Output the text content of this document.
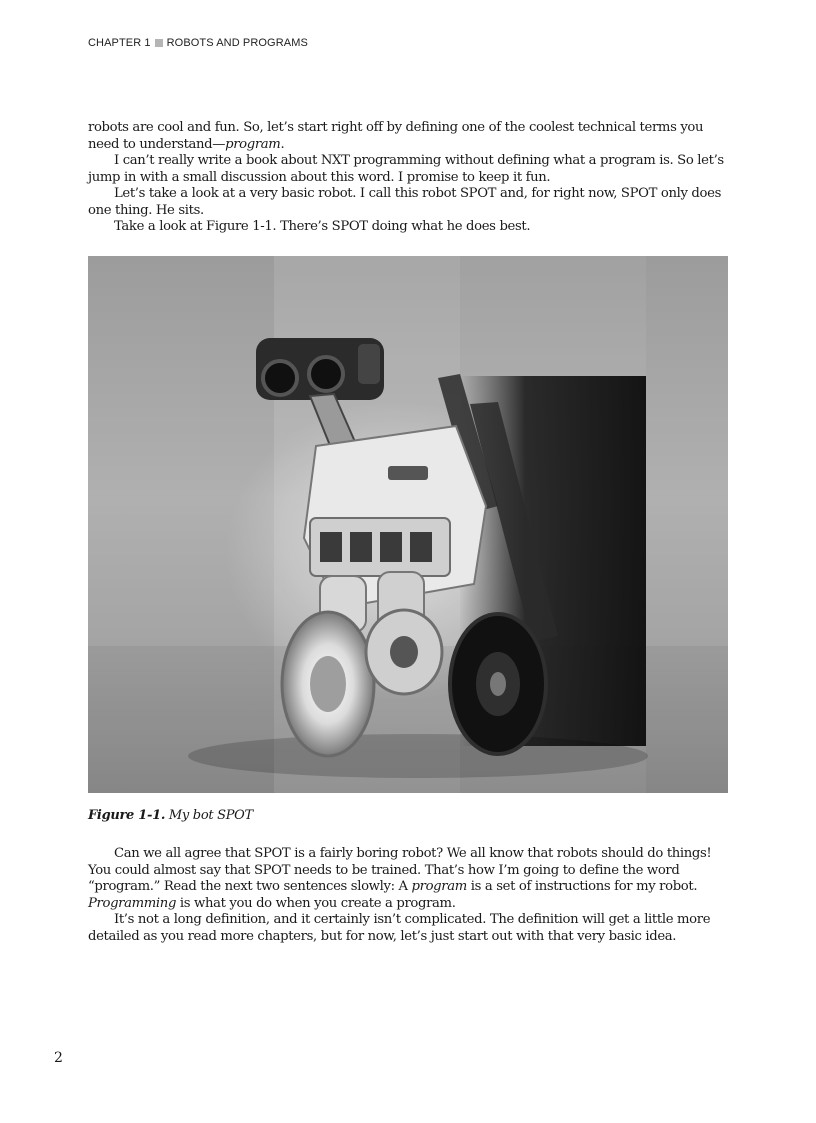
CHAPTER 1 ROBOTS AND PROGRAMS

robots are cool and fun. So, let’s start right off by defining one of the coolest technical terms you need to understand—program.

I can’t really write a book about NXT programming without defining what a program is. So let’s jump in with a small discussion about this word. I promise to keep it fun.

Let’s take a look at a very basic robot. I call this robot SPOT and, for right now, SPOT only does one thing. He sits.

Take a look at Figure 1-1. There’s SPOT doing what he does best.

Figure 1-1. My bot SPOT

Can we all agree that SPOT is a fairly boring robot? We all know that robots should do things! You could almost say that SPOT needs to be trained. That’s how I’m going to define the word “program.” Read the next two sentences slowly: A program is a set of instructions for my robot. Programming is what you do when you create a program.

It’s not a long definition, and it certainly isn’t complicated. The definition will get a little more detailed as you read more chapters, but for now, let’s just start out with that very basic idea.

2
